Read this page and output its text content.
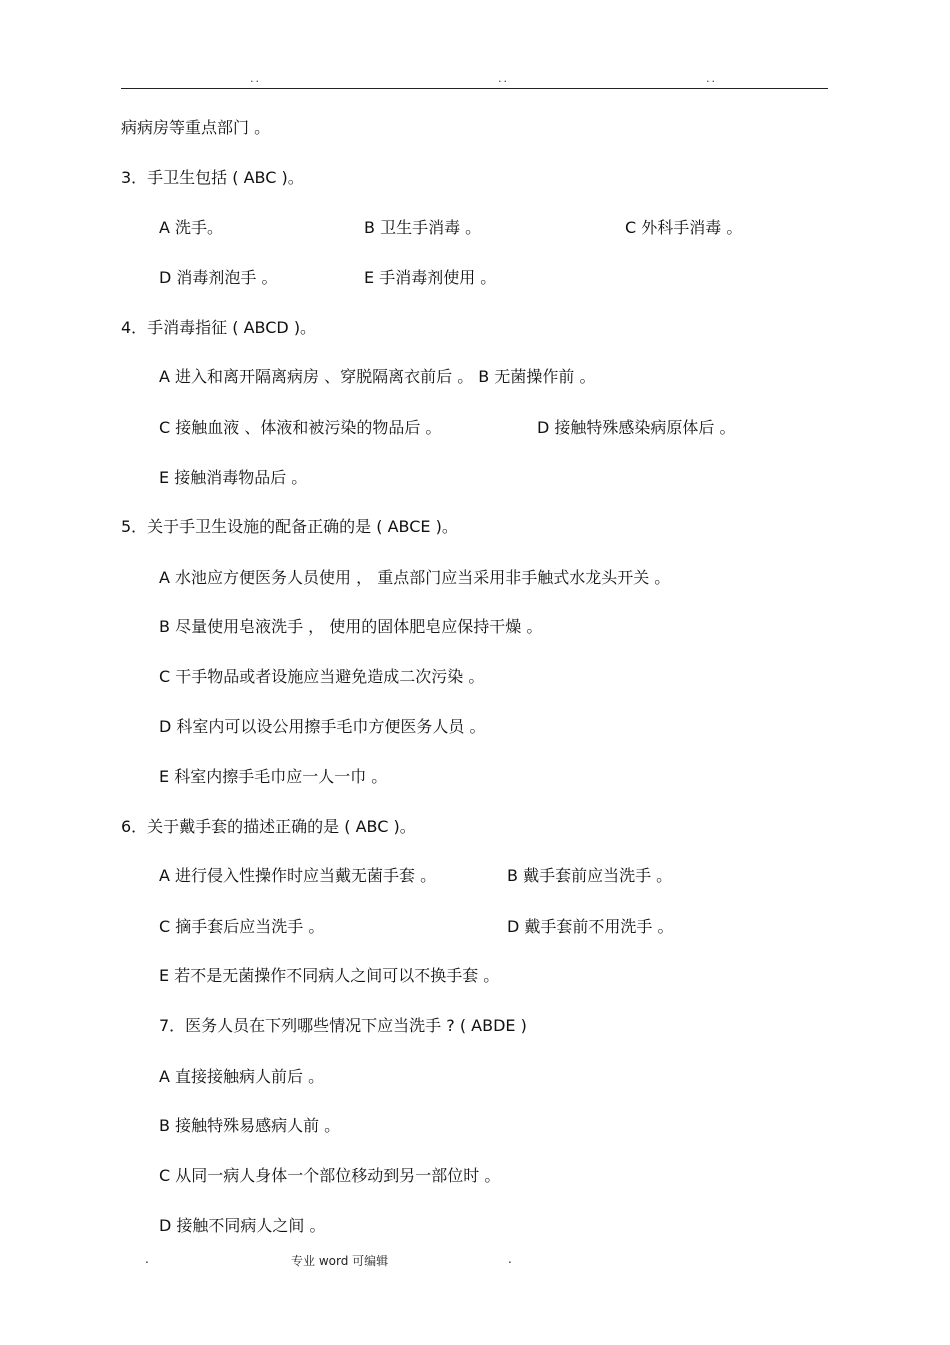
..	..	..
病病房等重点部门 。
3．手卫生包括 ( ABC )。
A 洗手。	B 卫生手消毒 。	C 外科手消毒 。
D 消毒剂泡手 。	E 手消毒剂使用 。
4．手消毒指征 ( ABCD )。
A 进入和离开隔离病房 、穿脱隔离衣前后 。 B 无菌操作前 。
C 接触血液 、体液和被污染的物品后 。	D 接触特殊感染病原体后 。
E 接触消毒物品后 。
5．关于手卫生设施的配备正确的是 ( ABCE )。
A 水池应方便医务人员使用 ， 重点部门应当采用非手触式水龙头开关 。
B 尽量使用皂液洗手 ， 使用的固体肥皂应保持干燥 。
C 干手物品或者设施应当避免造成二次污染 。
D 科室内可以设公用擦手毛巾方便医务人员 。
E 科室内擦手毛巾应一人一巾 。
6．关于戴手套的描述正确的是 ( ABC )。
A 进行侵入性操作时应当戴无菌手套 。	B 戴手套前应当洗手 。
C 摘手套后应当洗手 。	D 戴手套前不用洗手 。
E 若不是无菌操作不同病人之间可以不换手套 。
7．医务人员在下列哪些情况下应当洗手 ? ( ABDE )
A 直接接触病人前后 。
B 接触特殊易感病人前 。
C 从同一病人身体一个部位移动到另一部位时 。
D 接触不同病人之间 。
.	专业 word 可编辑	.
